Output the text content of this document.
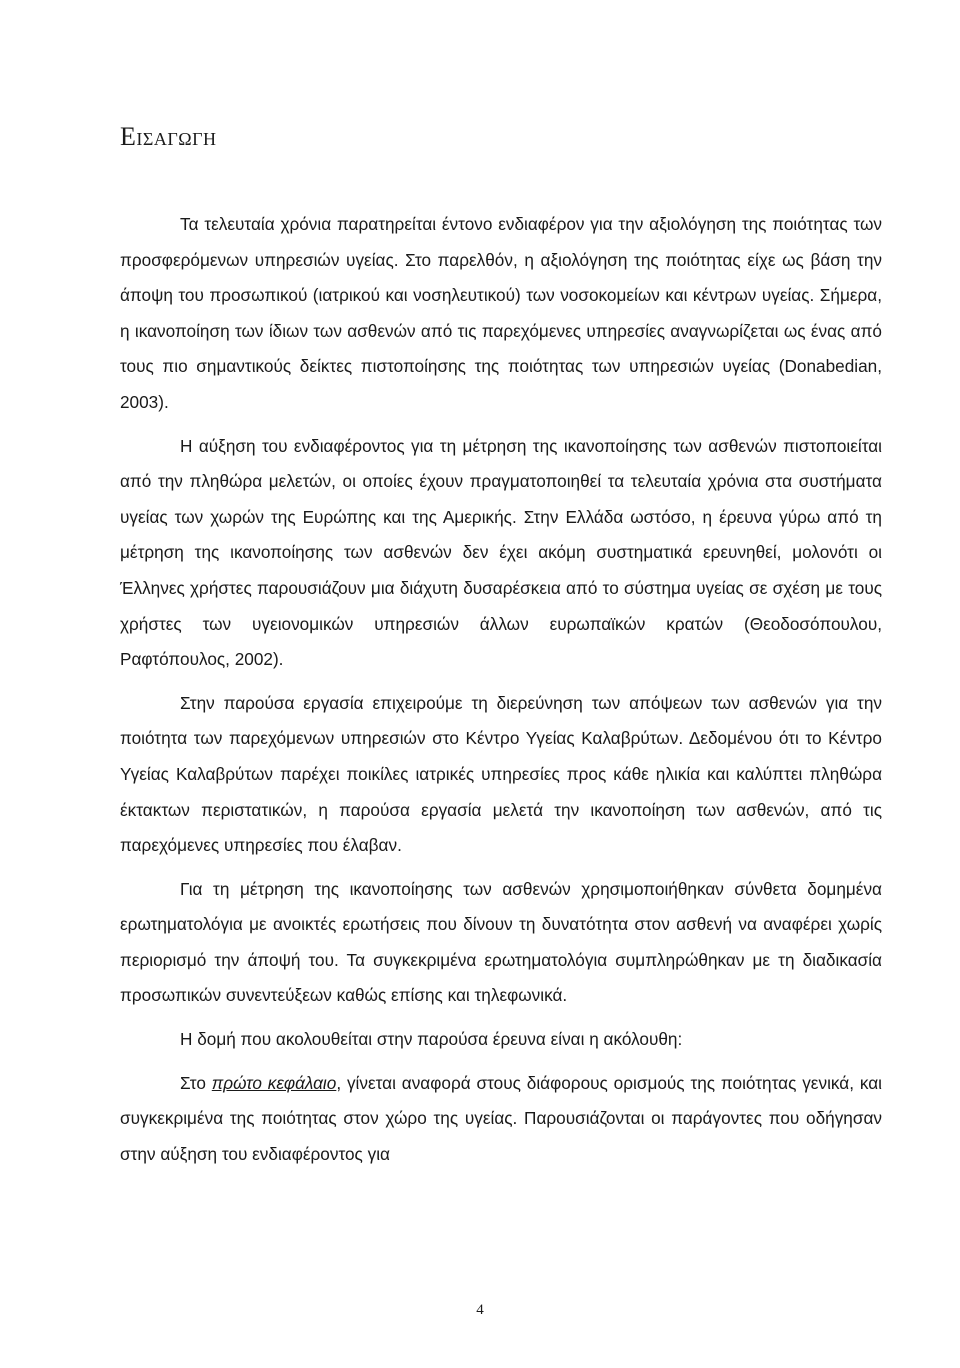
Εισαγωγη

Τα τελευταία χρόνια παρατηρείται έντονο ενδιαφέρον για την αξιολόγηση της ποιότητας των προσφερόμενων υπηρεσιών υγείας. Στο παρελθόν, η αξιολόγηση της ποιότητας είχε ως βάση την άποψη του προσωπικού (ιατρικού και νοσηλευτικού) των νοσοκομείων και κέντρων υγείας. Σήμερα, η ικανοποίηση των ίδιων των ασθενών από τις παρεχόμενες υπηρεσίες αναγνωρίζεται ως ένας από τους πιο σημαντικούς δείκτες πιστοποίησης της ποιότητας των υπηρεσιών υγείας (Donabedian, 2003).

Η αύξηση του ενδιαφέροντος για τη μέτρηση της ικανοποίησης των ασθενών πιστοποιείται από την πληθώρα μελετών, οι οποίες έχουν πραγματοποιηθεί τα τελευταία χρόνια στα συστήματα υγείας των χωρών της Ευρώπης και της Αμερικής. Στην Ελλάδα ωστόσο, η έρευνα γύρω από τη μέτρηση της ικανοποίησης των ασθενών δεν έχει ακόμη συστηματικά ερευνηθεί, μολονότι οι Έλληνες χρήστες παρουσιάζουν μια διάχυτη δυσαρέσκεια από το σύστημα υγείας σε σχέση με τους χρήστες των υγειονομικών υπηρεσιών άλλων ευρωπαϊκών κρατών (Θεοδοσόπουλου, Ραφτόπουλος, 2002).

Στην παρούσα εργασία επιχειρούμε τη διερεύνηση των απόψεων των ασθενών για την ποιότητα των παρεχόμενων υπηρεσιών στο Κέντρο Υγείας Καλαβρύτων. Δεδομένου ότι το Κέντρο Υγείας Καλαβρύτων παρέχει ποικίλες ιατρικές υπηρεσίες προς κάθε ηλικία και καλύπτει πληθώρα έκτακτων περιστατικών, η παρούσα εργασία μελετά την ικανοποίηση των ασθενών, από τις παρεχόμενες υπηρεσίες που έλαβαν.

Για τη μέτρηση της ικανοποίησης των ασθενών χρησιμοποιήθηκαν σύνθετα δομημένα ερωτηματολόγια με ανοικτές ερωτήσεις που δίνουν τη δυνατότητα στον ασθενή να αναφέρει χωρίς περιορισμό την άποψή του. Τα συγκεκριμένα ερωτηματολόγια συμπληρώθηκαν με τη διαδικασία προσωπικών συνεντεύξεων καθώς επίσης και τηλεφωνικά.

Η δομή που ακολουθείται στην παρούσα έρευνα είναι η ακόλουθη:

Στο πρώτο κεφάλαιο, γίνεται αναφορά στους διάφορους ορισμούς της ποιότητας γενικά, και συγκεκριμένα της ποιότητας στον χώρο της υγείας. Παρουσιάζονται οι παράγοντες που οδήγησαν στην αύξηση του ενδιαφέροντος για

4
